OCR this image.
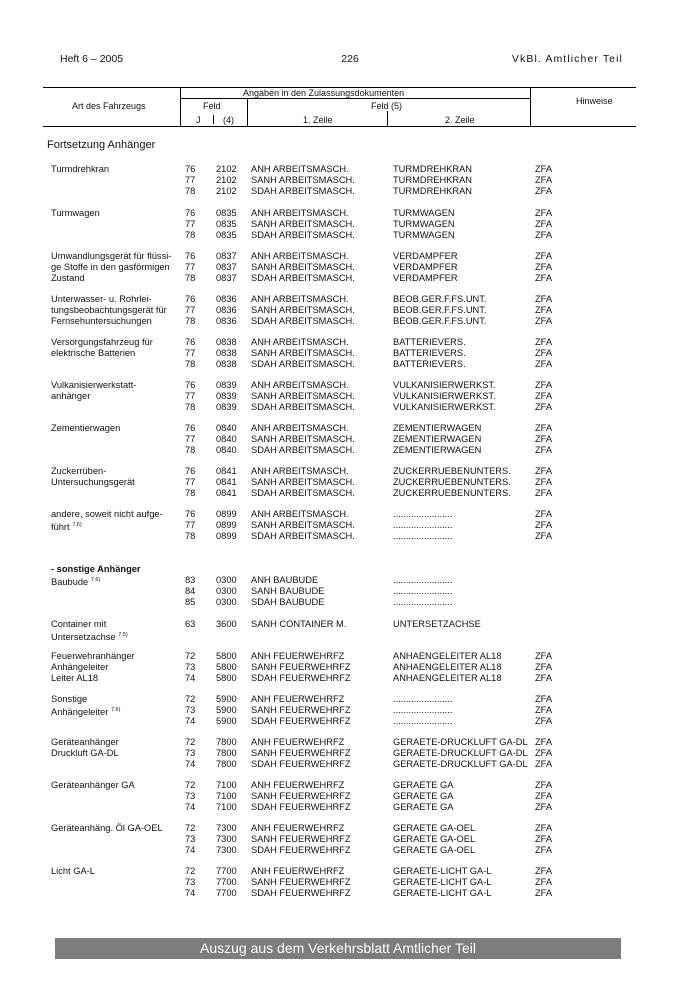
Heft 6 – 2005	226	VkBl. Amtlicher Teil
Art des Fahrzeugs
Angaben in den Zulassungsdokumenten
Feld	Feld (5)
J	(4)	1. Zeile	2. Zeile
Hinweise
Fortsetzung Anhänger
Turmdrehkran	76 2102 ANH ARBEITSMASCH.	TURMDREHKRAN	ZFA
77 2102 SANH ARBEITSMASCH.	TURMDREHKRAN	ZFA
78 2102 SDAH ARBEITSMASCH.	TURMDREHKRAN	ZFA
Turmwagen	76 0835 ANH ARBEITSMASCH.	TURMWAGEN	ZFA
77 0835 SANH ARBEITSMASCH.	TURMWAGEN	ZFA
78 0835 SDAH ARBEITSMASCH.	TURMWAGEN	ZFA
Umwandlungsgerät für flüssi-
ge Stoffe in den gasförmigen
Zustand
76 0837 ANH ARBEITSMASCH.	VERDAMPFER	ZFA
77 0837 SANH ARBEITSMASCH.	VERDAMPFER	ZFA
78 0837 SDAH ARBEITSMASCH.	VERDAMPFER	ZFA
Unterwasser- u. Rohrlei-
tungsbeobachtungsgerät für
Fernsehuntersuchungen
76 0836 ANH ARBEITSMASCH.	BEOB.GER.F.FS.UNT.	ZFA
77 0836 SANH ARBEITSMASCH.	BEOB.GER.F.FS.UNT.	ZFA
78 0836 SDAH ARBEITSMASCH.	BEOB.GER.F.FS.UNT.	ZFA
Versorgungsfahrzeug für
elektrische Batterien
76 0838 ANH ARBEITSMASCH.	BATTERIEVERS.	ZFA
77 0838 SANH ARBEITSMASCH.	BATTERIEVERS.	ZFA
78 0838 SDAH ARBEITSMASCH.	BATTERIEVERS.	ZFA
Vulkanisierwerkstatt-
anhänger
76 0839 ANH ARBEITSMASCH.	VULKANISIERWERKST.	ZFA
77 0839 SANH ARBEITSMASCH.	VULKANISIERWERKST.	ZFA
78 0839 SDAH ARBEITSMASCH.	VULKANISIERWERKST.	ZFA
Zementierwagen	76 0840 ANH ARBEITSMASCH.	ZEMENTIERWAGEN	ZFA
77 0840 SANH ARBEITSMASCH.	ZEMENTIERWAGEN	ZFA
78 0840 SDAH ARBEITSMASCH.	ZEMENTIERWAGEN	ZFA
Zuckerrüben-
Untersuchungsgerät
76 0841 ANH ARBEITSMASCH.	ZUCKERRUEBENUNTERS.	ZFA
77 0841 SANH ARBEITSMASCH.	ZUCKERRUEBENUNTERS.	ZFA
78 0841 SDAH ARBEITSMASCH.	ZUCKERRUEBENUNTERS.	ZFA
andere, soweit nicht aufge-
führt $^{7.6)}$
76 0899 ANH ARBEITSMASCH.	.......................	ZFA
77 0899 SANH ARBEITSMASCH.	.......................	ZFA
78 0899 SDAH ARBEITSMASCH.	.......................	ZFA
- sonstige Anhänger
Baubude $^{7.6)}$	83 0300 ANH BAUBUDE	.......................
84 0300 SANH BAUBUDE	.......................
85 0300 SDAH BAUBUDE	.......................
Container mit
Untersetzachse $^{7.5)}$
63 3600 SANH CONTAINER M.	UNTERSETZACHSE
Feuerwehranhänger
Anhängeleiter
Leiter AL18
72 5800 ANH FEUERWEHRFZ	ANHAENGELEITER AL18	ZFA
73 5800 SANH FEUERWEHRFZ	ANHAENGELEITER AL18	ZFA
74 5800 SDAH FEUERWEHRFZ	ANHAENGELEITER AL18	ZFA
Sonstige
Anhängeleiter $^{7.6)}$
72 5900 ANH FEUERWEHRFZ	.......................	ZFA
73 5900 SANH FEUERWEHRFZ	.......................	ZFA
74 5900 SDAH FEUERWEHRFZ	.......................	ZFA
Geräteanhänger
Druckluft GA-DL
72 7800 ANH FEUERWEHRFZ	GERAETE-DRUCKLUFT GA-DL ZFA
73 7800 SANH FEUERWEHRFZ	GERAETE-DRUCKLUFT GA-DL ZFA
74 7800 SDAH FEUERWEHRFZ	GERAETE-DRUCKLUFT GA-DL ZFA
Geräteanhänger GA	72 7100 ANH FEUERWEHRFZ	GERAETE GA	ZFA
73 7100 SANH FEUERWEHRFZ	GERAETE GA	ZFA
74 7100 SDAH FEUERWEHRFZ	GERAETE GA	ZFA
Geräteanhäng. Öl GA-OEL	72 7300 ANH FEUERWEHRFZ	GERAETE GA-OEL	ZFA
73 7300 SANH FEUERWEHRFZ	GERAETE GA-OEL	ZFA
74 7300 SDAH FEUERWEHRFZ	GERAETE GA-OEL	ZFA
Licht GA-L	72 7700 ANH FEUERWEHRFZ	GERAETE-LICHT GA-L	ZFA
73 7700 SANH FEUERWEHRFZ	GERAETE-LICHT GA-L	ZFA
74 7700 SDAH FEUERWEHRFZ	GERAETE-LICHT GA-L	ZFA
Auszug aus dem Verkehrsblatt Amtlicher Teil
